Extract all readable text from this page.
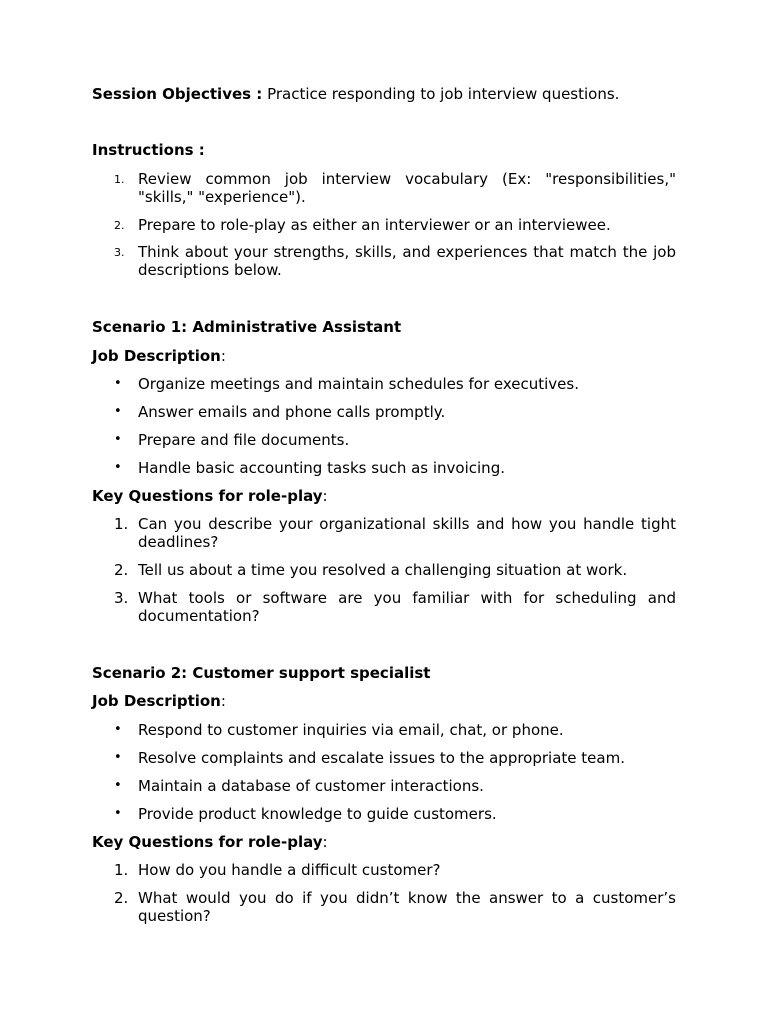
Session Objectives : Practice responding to job interview questions.
Instructions :
1. Review common job interview vocabulary (Ex: "responsibilities," "skills," "experience").
2. Prepare to role-play as either an interviewer or an interviewee.
3. Think about your strengths, skills, and experiences that match the job descriptions below.
Scenario 1: Administrative Assistant
Job Description:
• Organize meetings and maintain schedules for executives.
• Answer emails and phone calls promptly.
• Prepare and file documents.
• Handle basic accounting tasks such as invoicing.
Key Questions for role-play:
1. Can you describe your organizational skills and how you handle tight deadlines?
2. Tell us about a time you resolved a challenging situation at work.
3. What tools or software are you familiar with for scheduling and documentation?
Scenario 2: Customer support specialist
Job Description:
• Respond to customer inquiries via email, chat, or phone.
• Resolve complaints and escalate issues to the appropriate team.
• Maintain a database of customer interactions.
• Provide product knowledge to guide customers.
Key Questions for role-play:
1. How do you handle a difficult customer?
2. What would you do if you didn’t know the answer to a customer’s question?
